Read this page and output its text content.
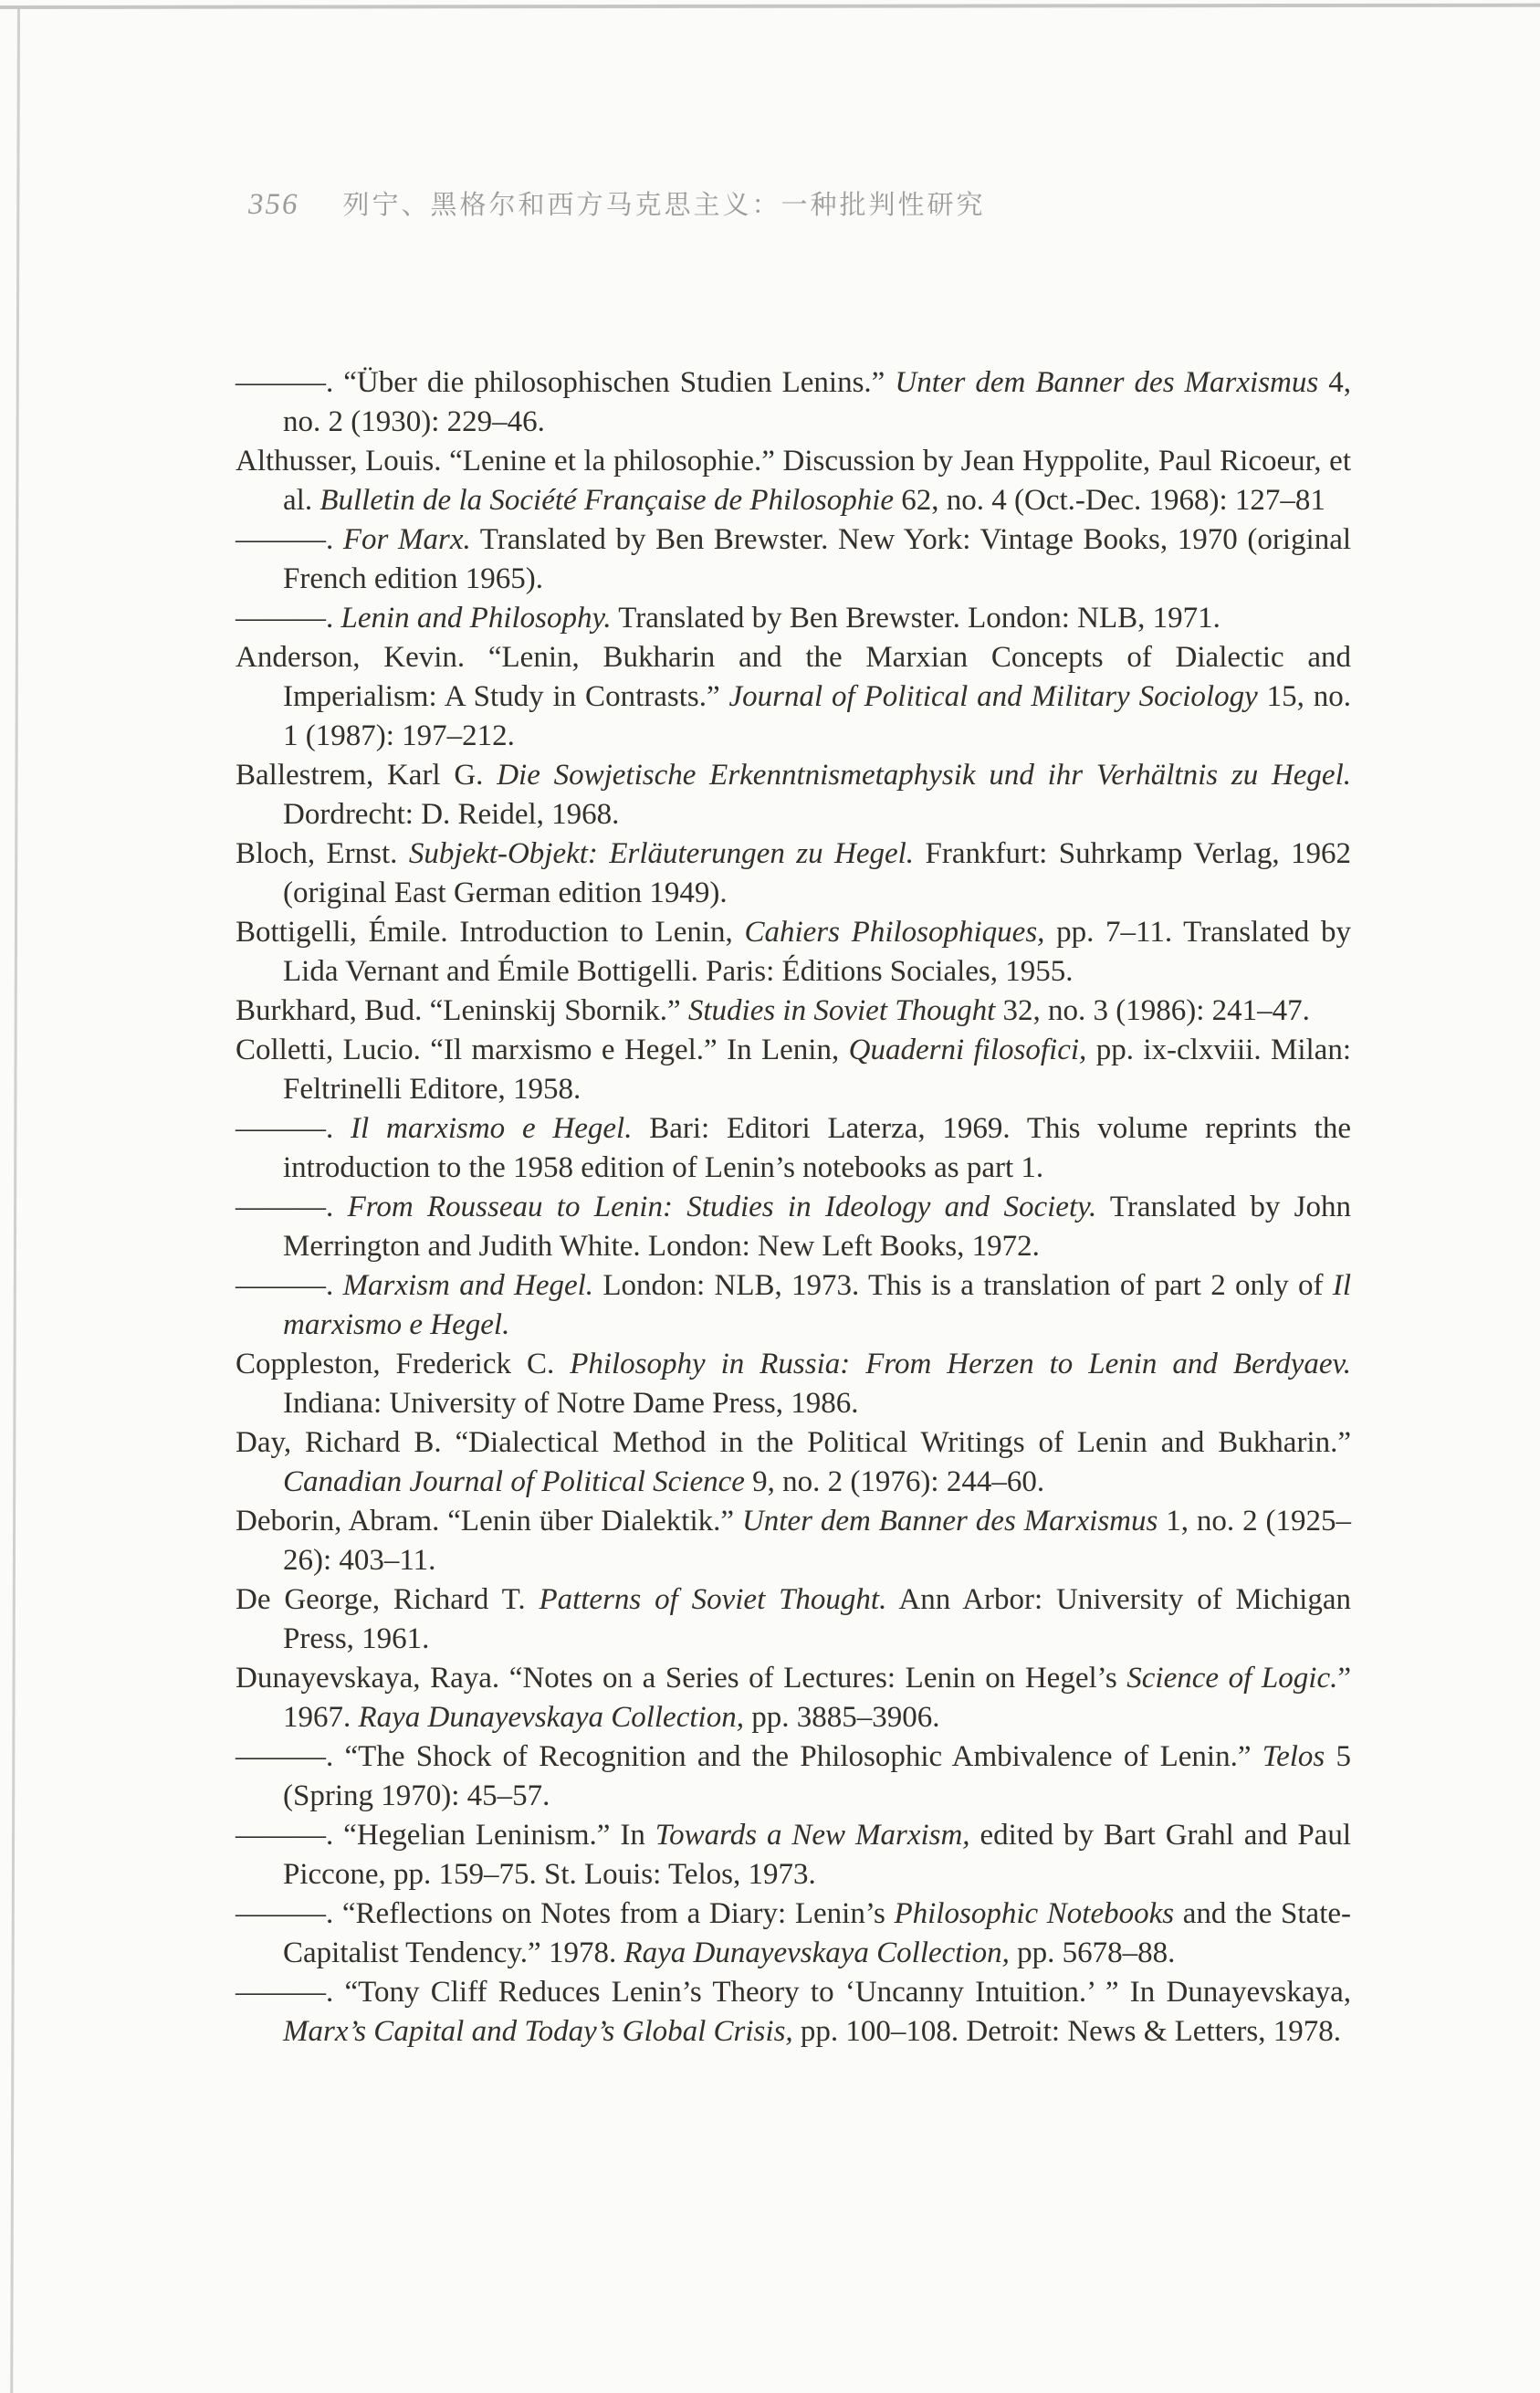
356 列宁、黑格尔和西方马克思主义：一种批判性研究

———. “Über die philosophischen Studien Lenins.” Unter dem Banner des Marxismus 4, no. 2 (1930): 229–46.

Althusser, Louis. “Lenine et la philosophie.” Discussion by Jean Hyppolite, Paul Ricoeur, et al. Bulletin de la Société Française de Philosophie 62, no. 4 (Oct.-Dec. 1968): 127–81

———. For Marx. Translated by Ben Brewster. New York: Vintage Books, 1970 (original French edition 1965).

———. Lenin and Philosophy. Translated by Ben Brewster. London: NLB, 1971.

Anderson, Kevin. “Lenin, Bukharin and the Marxian Concepts of Dialectic and Imperialism: A Study in Contrasts.” Journal of Political and Military Sociology 15, no. 1 (1987): 197–212.

Ballestrem, Karl G. Die Sowjetische Erkenntnismetaphysik und ihr Verhältnis zu Hegel. Dordrecht: D. Reidel, 1968.

Bloch, Ernst. Subjekt-Objekt: Erläuterungen zu Hegel. Frankfurt: Suhrkamp Verlag, 1962 (original East German edition 1949).

Bottigelli, Émile. Introduction to Lenin, Cahiers Philosophiques, pp. 7–11. Translated by Lida Vernant and Émile Bottigelli. Paris: Éditions Sociales, 1955.

Burkhard, Bud. “Leninskij Sbornik.” Studies in Soviet Thought 32, no. 3 (1986): 241–47.

Colletti, Lucio. “Il marxismo e Hegel.” In Lenin, Quaderni filosofici, pp. ix-clxviii. Milan: Feltrinelli Editore, 1958.

———. Il marxismo e Hegel. Bari: Editori Laterza, 1969. This volume reprints the introduction to the 1958 edition of Lenin’s notebooks as part 1.

———. From Rousseau to Lenin: Studies in Ideology and Society. Translated by John Merrington and Judith White. London: New Left Books, 1972.

———. Marxism and Hegel. London: NLB, 1973. This is a translation of part 2 only of Il marxismo e Hegel.

Coppleston, Frederick C. Philosophy in Russia: From Herzen to Lenin and Berdyaev. Indiana: University of Notre Dame Press, 1986.

Day, Richard B. “Dialectical Method in the Political Writings of Lenin and Bukharin.” Canadian Journal of Political Science 9, no. 2 (1976): 244–60.

Deborin, Abram. “Lenin über Dialektik.” Unter dem Banner des Marxismus 1, no. 2 (1925–26): 403–11.

De George, Richard T. Patterns of Soviet Thought. Ann Arbor: University of Michigan Press, 1961.

Dunayevskaya, Raya. “Notes on a Series of Lectures: Lenin on Hegel’s Science of Logic.” 1967. Raya Dunayevskaya Collection, pp. 3885–3906.

———. “The Shock of Recognition and the Philosophic Ambivalence of Lenin.” Telos 5 (Spring 1970): 45–57.

———. “Hegelian Leninism.” In Towards a New Marxism, edited by Bart Grahl and Paul Piccone, pp. 159–75. St. Louis: Telos, 1973.

———. “Reflections on Notes from a Diary: Lenin’s Philosophic Notebooks and the State-Capitalist Tendency.” 1978. Raya Dunayevskaya Collection, pp. 5678–88.

———. “Tony Cliff Reduces Lenin’s Theory to ‘Uncanny Intuition.’ ” In Dunayevskaya, Marx’s Capital and Today’s Global Crisis, pp. 100–108. Detroit: News & Letters, 1978.
